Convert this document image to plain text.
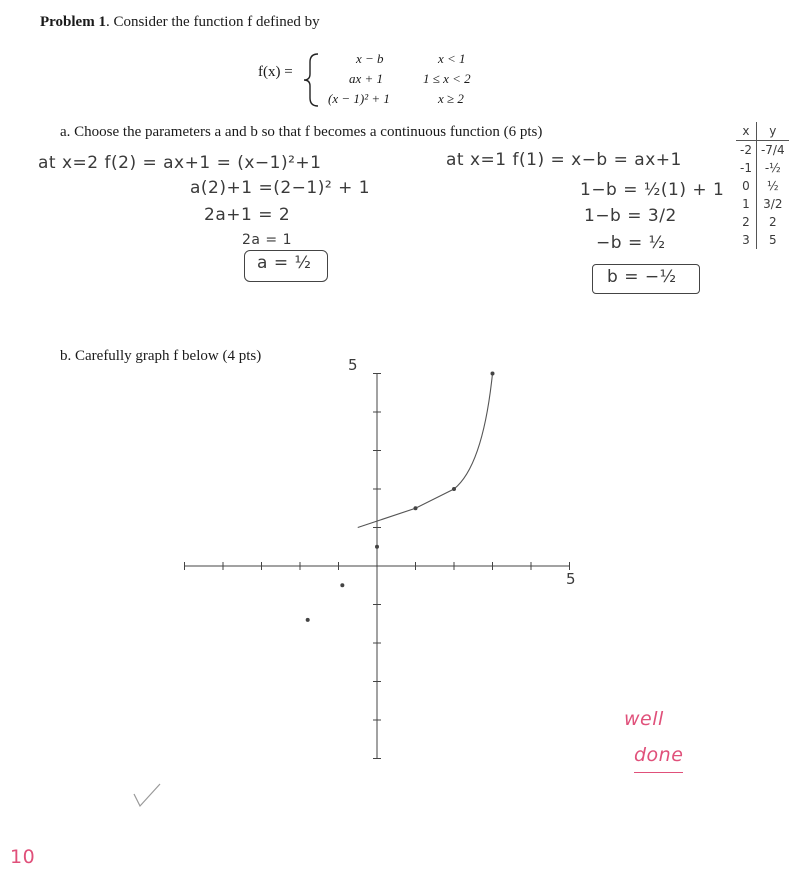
Problem 1. Consider the function f defined by
f(x) =
x − b	x < 1
ax + 1	1 ≤ x < 2
(x − 1)² + 1	x ≥ 2
a. Choose the parameters a and b so that f becomes a continuous function (6 pts)
at x=2 f(2) = ax+1 = (x−1)²+1
a(2)+1 =(2−1)² + 1
2a+1 = 2
2a = 1
a = ½
at x=1 f(1) = x−b = ax+1
1−b = ½(1) + 1
1−b = 3/2
−b = ½
b = −½
x	y
-2	-7/4
-1	-½
0	½
1	3/2
2	2
3	5
b. Carefully graph f below (4 pts)	5
5
well
done
10
